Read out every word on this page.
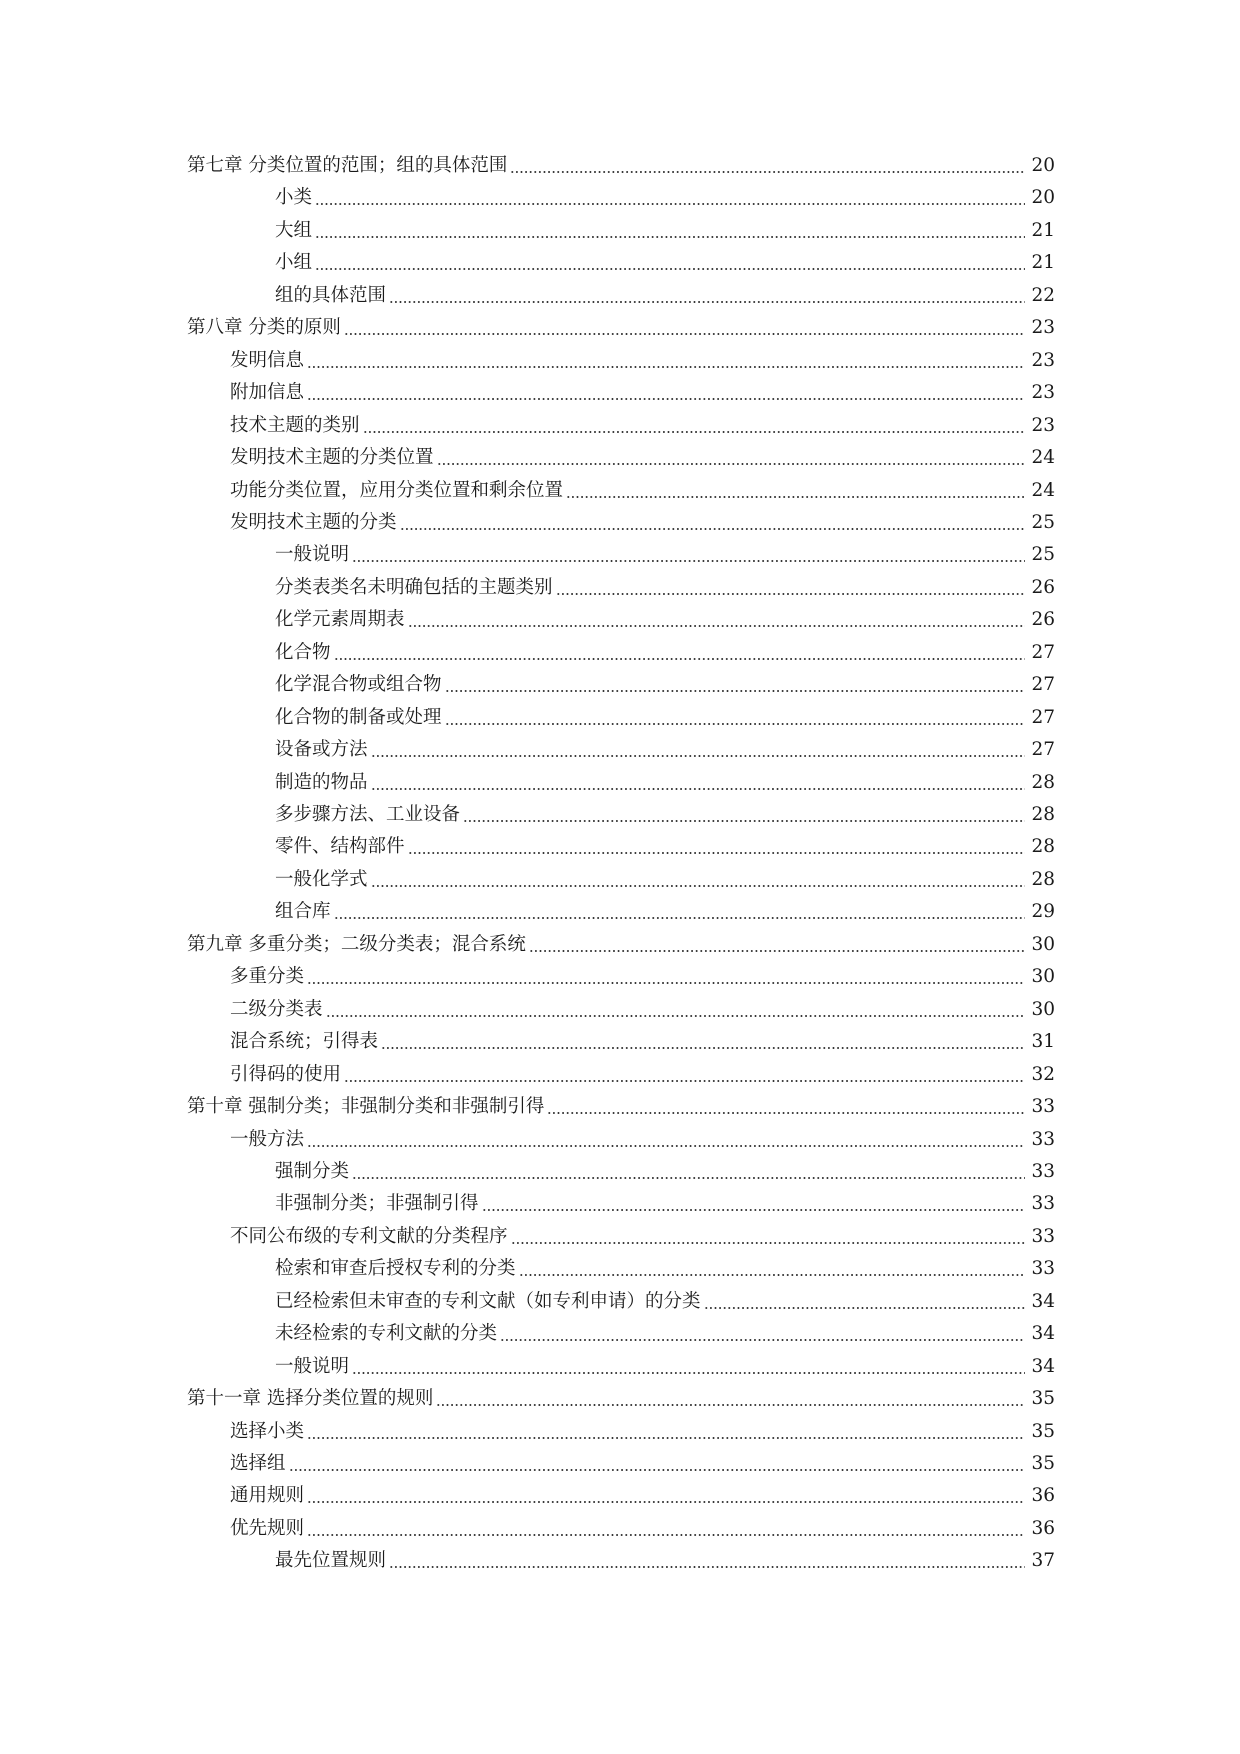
第七章 分类位置的范围；组的具体范围	20
小类	20
大组	21
小组	21
组的具体范围	22
第八章 分类的原则	23
发明信息	23
附加信息	23
技术主题的类别	23
发明技术主题的分类位置	24
功能分类位置，应用分类位置和剩余位置	24
发明技术主题的分类	25
一般说明	25
分类表类名未明确包括的主题类别	26
化学元素周期表	26
化合物	27
化学混合物或组合物	27
化合物的制备或处理	27
设备或方法	27
制造的物品	28
多步骤方法、工业设备	28
零件、结构部件	28
一般化学式	28
组合库	29
第九章 多重分类；二级分类表；混合系统	30
多重分类	30
二级分类表	30
混合系统；引得表	31
引得码的使用	32
第十章 强制分类；非强制分类和非强制引得	33
一般方法	33
强制分类	33
非强制分类；非强制引得	33
不同公布级的专利文献的分类程序	33
检索和审查后授权专利的分类	33
已经检索但未审查的专利文献（如专利申请）的分类	34
未经检索的专利文献的分类	34
一般说明	34
第十一章 选择分类位置的规则	35
选择小类	35
选择组	35
通用规则	36
优先规则	36
最先位置规则	37
